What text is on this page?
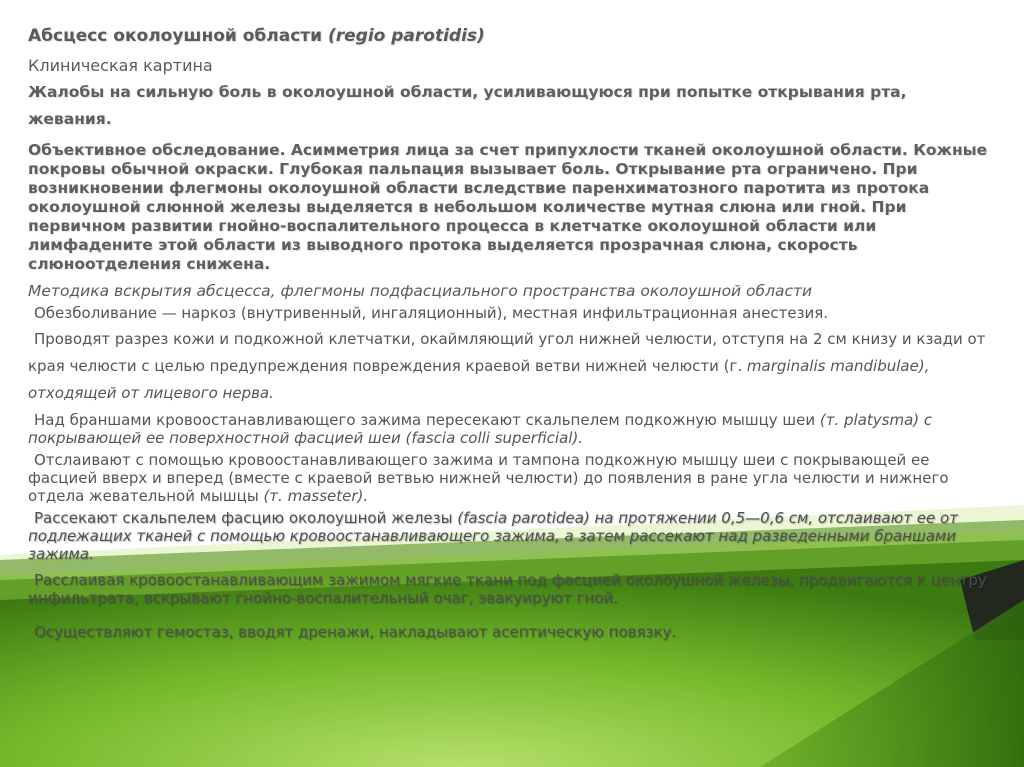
Абсцесс околоушной области (regio parotidis)
Клиническая картина
Жалобы на сильную боль в околоушной области, усиливающуюся при попытке открывания рта, жевания.
Объективное обследование. Асимметрия лица за счет припухлости тканей околоушной области. Кожные покровы обычной окраски. Глубокая пальпация вызывает боль. Открывание рта ограничено. При возникновении флегмоны околоушной области вследствие паренхиматозного паротита из протока околоушной слюнной железы выделяется в небольшом количестве мутная слюна или гной. При первичном развитии гнойно-воспалительного процесса в клетчатке околоушной области или лимфадените этой области из выводного протока выделяется прозрачная слюна, скорость слюноотделения снижена.
Методика вскрытия абсцесса, флегмоны подфасциального пространства околоушной области
Обезболивание — наркоз (внутривенный, ингаляционный), местная инфильтрационная анестезия.
Проводят разрез кожи и подкожной клетчатки, окаймляющий угол нижней челюсти, отступя на 2 см книзу и кзади от края челюсти с целью предупреждения повреждения краевой ветви нижней челюсти (г. marginalis mandibulae), отходящей от лицевого нерва.
Над браншами кровоостанавливающего зажима пересекают скальпелем подкожную мышцу шеи (т. platysma) с покрывающей ее поверхностной фасцией шеи (fascia colli superficial).
Отслаивают с помощью кровоостанавливающего зажима и тампона подкожную мышцу шеи с покрывающей ее фасцией вверх и вперед (вместе с краевой ветвью нижней челюсти) до появления в ране угла челюсти и нижнего отдела жевательной мышцы (т. masseter).
Рассекают скальпелем фасцию околоушной железы (fascia parotidea) на протяжении 0,5—0,6 см, отслаивают ее от подлежащих тканей с помощью кровоостанавливающего зажима, а затем рассекают над разведенными браншами зажима.
Расслаивая кровоостанавливающим зажимом мягкие ткани под фасцией околоушной железы, продвигаются к центру инфильтрата, вскрывают гнойно-воспалительный очаг, эвакуируют гной.
Осуществляют гемостаз, вводят дренажи, накладывают асептическую повязку.
